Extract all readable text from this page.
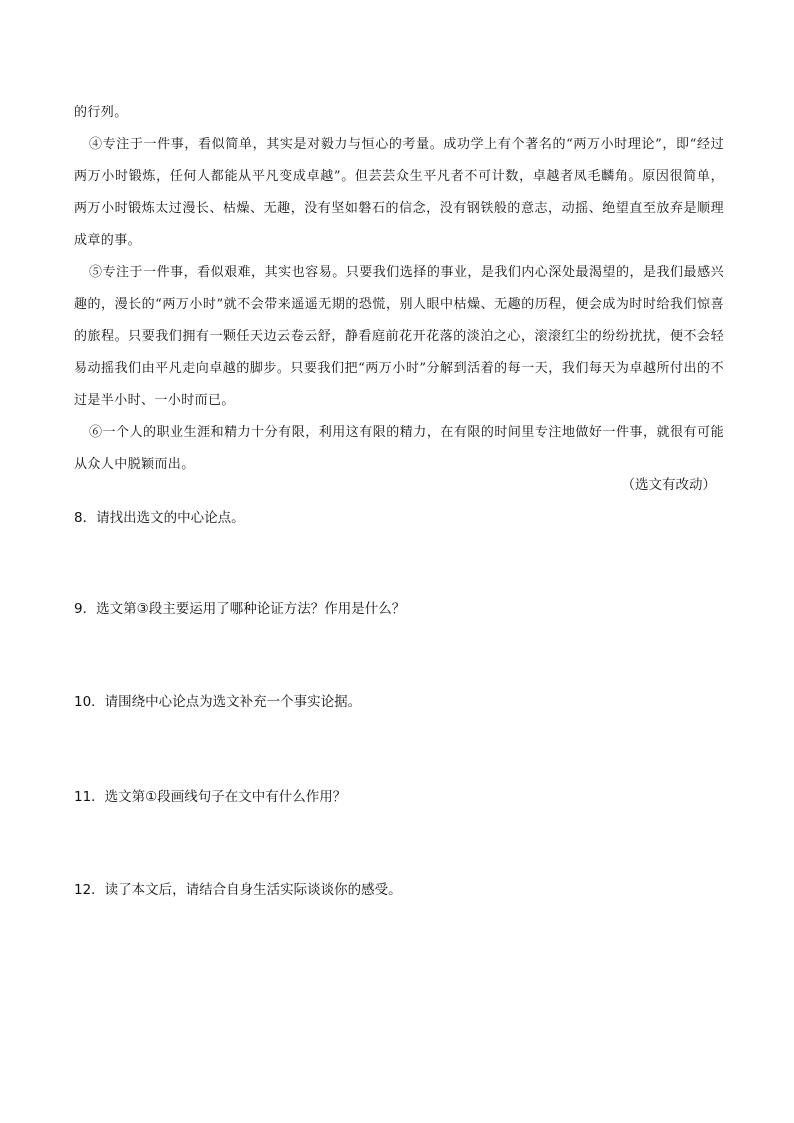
的行列。

④专注于一件事，看似简单，其实是对毅力与恒心的考量。成功学上有个著名的“两万小时理论”，即“经过两万小时锻炼，任何人都能从平凡变成卓越”。但芸芸众生平凡者不可计数，卓越者凤毛麟角。原因很简单，两万小时锻炼太过漫长、枯燥、无趣，没有坚如磐石的信念，没有钢铁般的意志，动摇、绝望直至放弃是顺理成章的事。

⑤专注于一件事，看似艰难，其实也容易。只要我们选择的事业，是我们内心深处最渴望的，是我们最感兴趣的，漫长的“两万小时”就不会带来遥遥无期的恐慌，别人眼中枯燥、无趣的历程，便会成为时时给我们惊喜的旅程。只要我们拥有一颗任天边云卷云舒，静看庭前花开花落的淡泊之心，滚滚红尘的纷纷扰扰，便不会轻易动摇我们由平凡走向卓越的脚步。只要我们把“两万小时”分解到活着的每一天，我们每天为卓越所付出的不过是半小时、一小时而已。

⑥一个人的职业生涯和精力十分有限，利用这有限的精力，在有限的时间里专注地做好一件事，就很有可能从众人中脱颖而出。

（选文有改动）
8．请找出选文的中心论点。
9．选文第③段主要运用了哪种论证方法？作用是什么？
10．请围绕中心论点为选文补充一个事实论据。
11．选文第①段画线句子在文中有什么作用？
12．读了本文后，请结合自身生活实际谈谈你的感受。
